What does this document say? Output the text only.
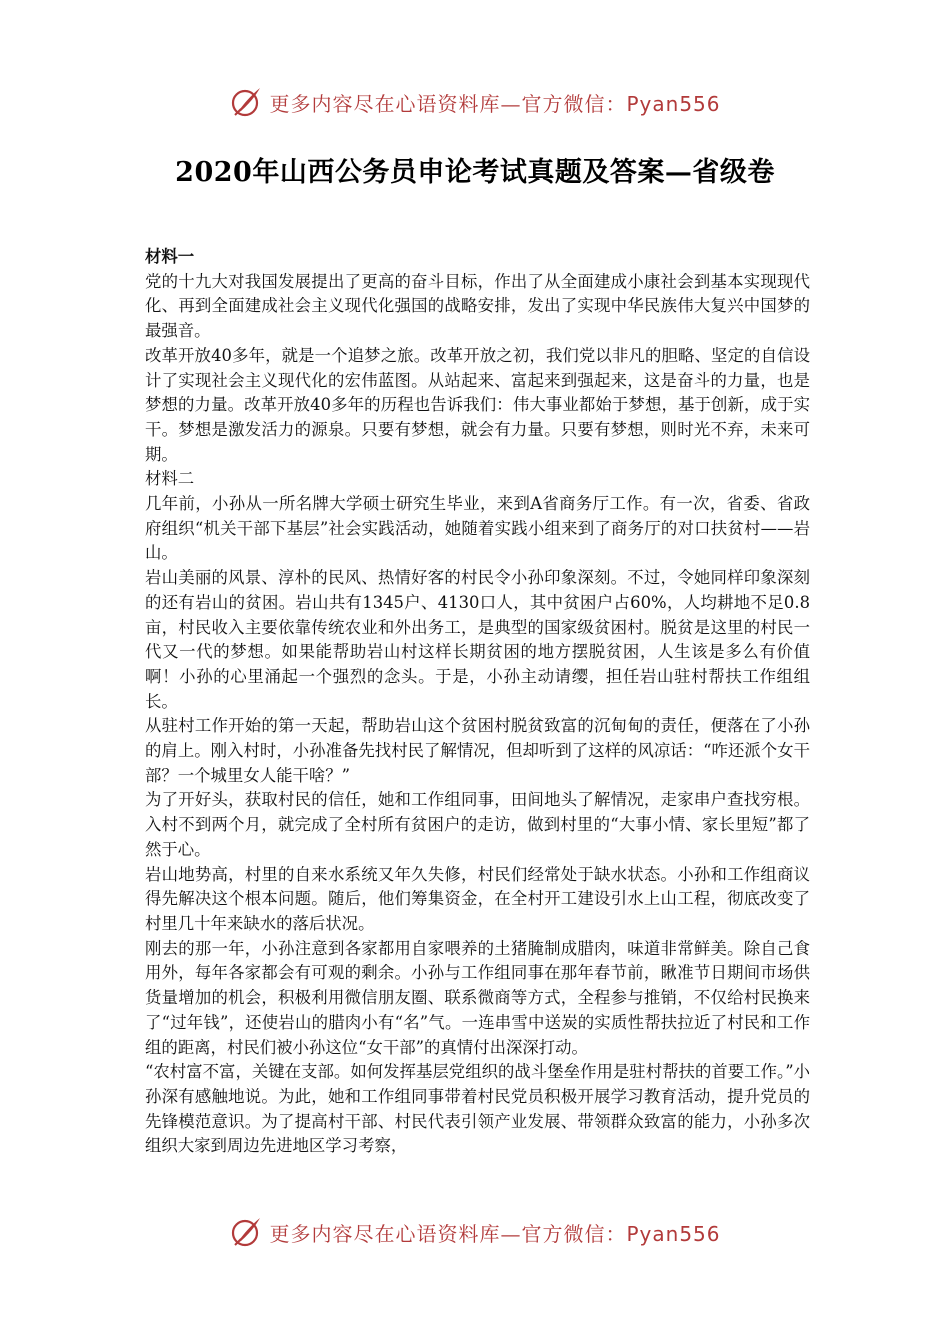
更多内容尽在心语资料库—官方微信：Pyan556
2020年山西公务员申论考试真题及答案—省级卷

材料一

党的十九大对我国发展提出了更高的奋斗目标，作出了从全面建成小康社会到基本实现现代化、再到全面建成社会主义现代化强国的战略安排，发出了实现中华民族伟大复兴中国梦的最强音。

改革开放40多年，就是一个追梦之旅。改革开放之初，我们党以非凡的胆略、坚定的自信设计了实现社会主义现代化的宏伟蓝图。从站起来、富起来到强起来，这是奋斗的力量，也是梦想的力量。改革开放40多年的历程也告诉我们：伟大事业都始于梦想，基于创新，成于实干。梦想是激发活力的源泉。只要有梦想，就会有力量。只要有梦想，则时光不弃，未来可期。

材料二

几年前，小孙从一所名牌大学硕士研究生毕业，来到A省商务厅工作。有一次，省委、省政府组织“机关干部下基层”社会实践活动，她随着实践小组来到了商务厅的对口扶贫村——岩山。

岩山美丽的风景、淳朴的民风、热情好客的村民令小孙印象深刻。不过，令她同样印象深刻的还有岩山的贫困。岩山共有1345户、4130口人，其中贫困户占60%，人均耕地不足0.8亩，村民收入主要依靠传统农业和外出务工，是典型的国家级贫困村。脱贫是这里的村民一代又一代的梦想。如果能帮助岩山村这样长期贫困的地方摆脱贫困，人生该是多么有价值啊！小孙的心里涌起一个强烈的念头。于是，小孙主动请缨，担任岩山驻村帮扶工作组组长。

从驻村工作开始的第一天起，帮助岩山这个贫困村脱贫致富的沉甸甸的责任，便落在了小孙的肩上。刚入村时，小孙准备先找村民了解情况，但却听到了这样的风凉话：“咋还派个女干部？一个城里女人能干啥？”

为了开好头，获取村民的信任，她和工作组同事，田间地头了解情况，走家串户查找穷根。入村不到两个月，就完成了全村所有贫困户的走访，做到村里的“大事小情、家长里短”都了然于心。

岩山地势高，村里的自来水系统又年久失修，村民们经常处于缺水状态。小孙和工作组商议得先解决这个根本问题。随后，他们筹集资金，在全村开工建设引水上山工程，彻底改变了村里几十年来缺水的落后状况。

刚去的那一年，小孙注意到各家都用自家喂养的土猪腌制成腊肉，味道非常鲜美。除自己食用外，每年各家都会有可观的剩余。小孙与工作组同事在那年春节前，瞅准节日期间市场供货量增加的机会，积极利用微信朋友圈、联系微商等方式，全程参与推销，不仅给村民换来了“过年钱”，还使岩山的腊肉小有“名”气。一连串雪中送炭的实质性帮扶拉近了村民和工作组的距离，村民们被小孙这位“女干部”的真情付出深深打动。

“农村富不富，关键在支部。如何发挥基层党组织的战斗堡垒作用是驻村帮扶的首要工作。”小孙深有感触地说。为此，她和工作组同事带着村民党员积极开展学习教育活动，提升党员的先锋模范意识。为了提高村干部、村民代表引领产业发展、带领群众致富的能力，小孙多次组织大家到周边先进地区学习考察，

更多内容尽在心语资料库—官方微信：Pyan556
